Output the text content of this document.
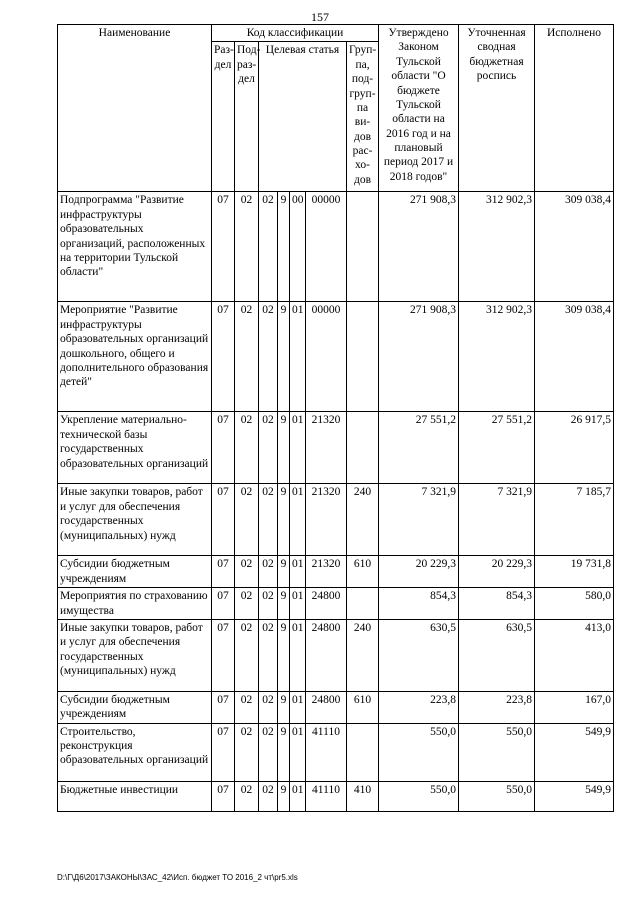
157
Наименование	Код классификации							Утверждено Законом Тульской области "О бюджете Тульской области на 2016 год и на плановый период 2017 и 2018 годов"	Уточненная сводная бюджетная роспись	Исполнено
	Раз-дел	Под-раз-дел	Целевая статья				Груп-па, под-груп-па ви-дов рас-хо-дов			
Подпрограмма "Развитие инфраструктуры образовательных организаций, расположенных на территории Тульской области"	07	02	02	9	00	00000		271 908,3	312 902,3	309 038,4
Мероприятие "Развитие инфраструктуры образовательных организаций дошкольного, общего и дополнительного образования детей"	07	02	02	9	01	00000		271 908,3	312 902,3	309 038,4
Укрепление материально-технической базы государственных образовательных организаций	07	02	02	9	01	21320		27 551,2	27 551,2	26 917,5
Иные закупки товаров, работ и услуг для обеспечения государственных (муниципальных) нужд	07	02	02	9	01	21320	240	7 321,9	7 321,9	7 185,7
Субсидии бюджетным учреждениям	07	02	02	9	01	21320	610	20 229,3	20 229,3	19 731,8
Мероприятия по страхованию имущества	07	02	02	9	01	24800		854,3	854,3	580,0
Иные закупки товаров, работ и услуг для обеспечения государственных (муниципальных) нужд	07	02	02	9	01	24800	240	630,5	630,5	413,0
Субсидии бюджетным учреждениям	07	02	02	9	01	24800	610	223,8	223,8	167,0
Строительство, реконструкция образовательных организаций	07	02	02	9	01	41110		550,0	550,0	549,9
Бюджетные инвестиции	07	02	02	9	01	41110	410	550,0	550,0	549,9
D:\Г\Д6\2017\ЗАКОНЫ\ЗАС_42\Исп. бюджет ТО 2016_2 чт\pr5.xls
